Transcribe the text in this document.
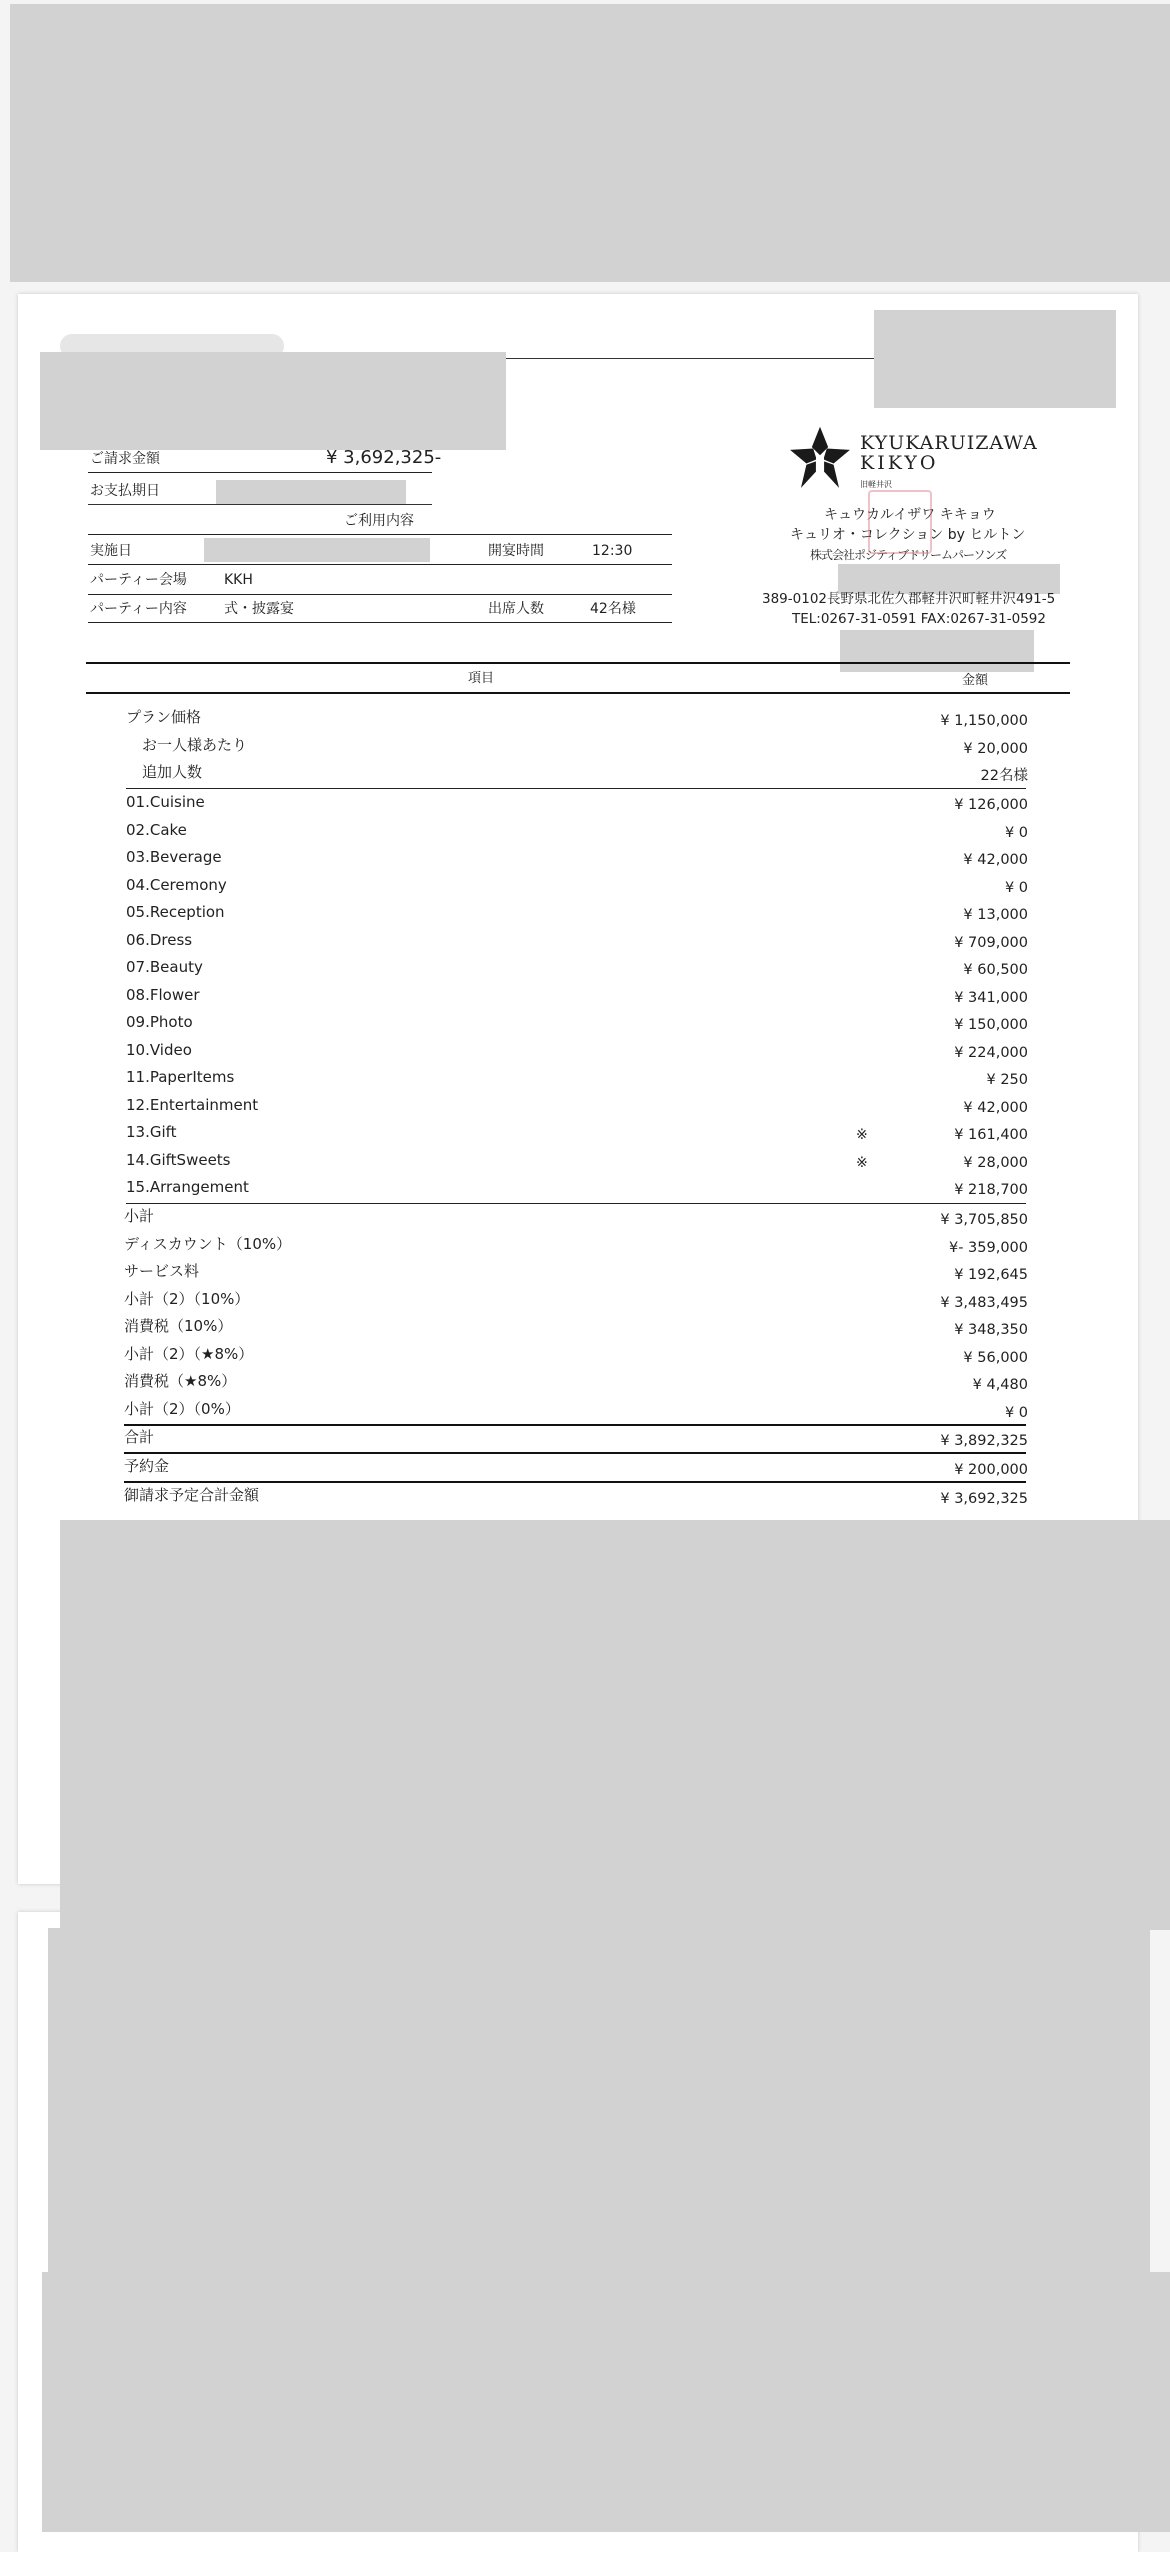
ご請求金額	¥ 3,692,325-
お支払期日
ご利用内容
実施日	開宴時間	12:30
パーティー会場	KKH
パーティー内容	式・披露宴	出席人数	42名様
KYUKARUIZAWA
KIKYO
旧軽井沢
キュウカルイザワ キキョウ
キュリオ・コレクション by ヒルトン
株式会社ポジティブドリームパーソンズ
389-0102長野県北佐久郡軽井沢町軽井沢491-5
TEL:0267-31-0591 FAX:0267-31-0592
項目	金額
プラン価格	¥ 1,150,000
お一人様あたり	¥ 20,000
追加人数	22名様
01.Cuisine	¥ 126,000
02.Cake	¥ 0
03.Beverage	¥ 42,000
04.Ceremony	¥ 0
05.Reception	¥ 13,000
06.Dress	¥ 709,000
07.Beauty	¥ 60,500
08.Flower	¥ 341,000
09.Photo	¥ 150,000
10.Video	¥ 224,000
11.PaperItems	¥ 250
12.Entertainment	¥ 42,000
13.Gift	※	¥ 161,400
14.GiftSweets	※	¥ 28,000
15.Arrangement	¥ 218,700
小計	¥ 3,705,850
ディスカウント（10%）	¥- 359,000
サービス料	¥ 192,645
小計（2）（10%）	¥ 3,483,495
消費税（10%）	¥ 348,350
小計（2）（★8%）	¥ 56,000
消費税（★8%）	¥ 4,480
小計（2）（0%）	¥ 0
合計	¥ 3,892,325
予約金	¥ 200,000
御請求予定合計金額	¥ 3,692,325
